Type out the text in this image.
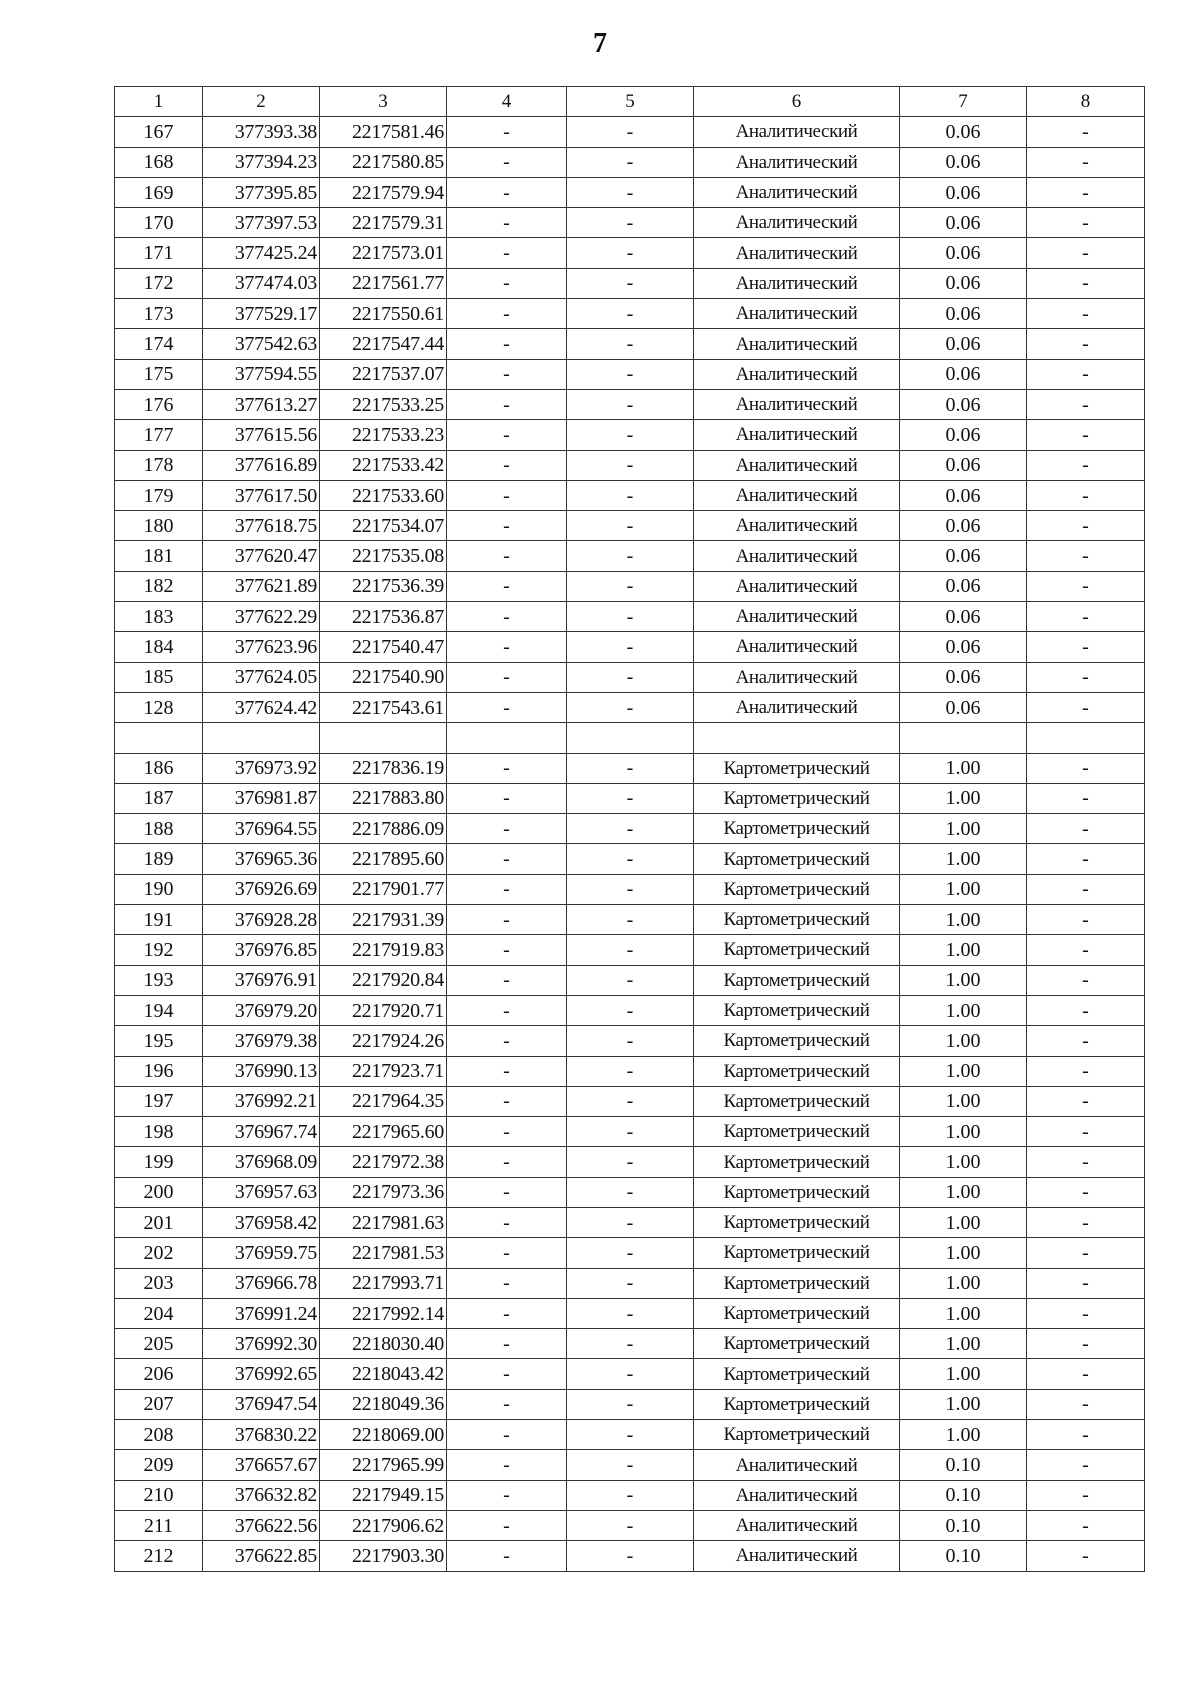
7
1	2	3	4	5	6	7	8
167	377393.38	2217581.46	-	-	Аналитический	0.06	-
168	377394.23	2217580.85	-	-	Аналитический	0.06	-
169	377395.85	2217579.94	-	-	Аналитический	0.06	-
170	377397.53	2217579.31	-	-	Аналитический	0.06	-
171	377425.24	2217573.01	-	-	Аналитический	0.06	-
172	377474.03	2217561.77	-	-	Аналитический	0.06	-
173	377529.17	2217550.61	-	-	Аналитический	0.06	-
174	377542.63	2217547.44	-	-	Аналитический	0.06	-
175	377594.55	2217537.07	-	-	Аналитический	0.06	-
176	377613.27	2217533.25	-	-	Аналитический	0.06	-
177	377615.56	2217533.23	-	-	Аналитический	0.06	-
178	377616.89	2217533.42	-	-	Аналитический	0.06	-
179	377617.50	2217533.60	-	-	Аналитический	0.06	-
180	377618.75	2217534.07	-	-	Аналитический	0.06	-
181	377620.47	2217535.08	-	-	Аналитический	0.06	-
182	377621.89	2217536.39	-	-	Аналитический	0.06	-
183	377622.29	2217536.87	-	-	Аналитический	0.06	-
184	377623.96	2217540.47	-	-	Аналитический	0.06	-
185	377624.05	2217540.90	-	-	Аналитический	0.06	-
128	377624.42	2217543.61	-	-	Аналитический	0.06	-

186	376973.92	2217836.19	-	-	Картометрический	1.00	-
187	376981.87	2217883.80	-	-	Картометрический	1.00	-
188	376964.55	2217886.09	-	-	Картометрический	1.00	-
189	376965.36	2217895.60	-	-	Картометрический	1.00	-
190	376926.69	2217901.77	-	-	Картометрический	1.00	-
191	376928.28	2217931.39	-	-	Картометрический	1.00	-
192	376976.85	2217919.83	-	-	Картометрический	1.00	-
193	376976.91	2217920.84	-	-	Картометрический	1.00	-
194	376979.20	2217920.71	-	-	Картометрический	1.00	-
195	376979.38	2217924.26	-	-	Картометрический	1.00	-
196	376990.13	2217923.71	-	-	Картометрический	1.00	-
197	376992.21	2217964.35	-	-	Картометрический	1.00	-
198	376967.74	2217965.60	-	-	Картометрический	1.00	-
199	376968.09	2217972.38	-	-	Картометрический	1.00	-
200	376957.63	2217973.36	-	-	Картометрический	1.00	-
201	376958.42	2217981.63	-	-	Картометрический	1.00	-
202	376959.75	2217981.53	-	-	Картометрический	1.00	-
203	376966.78	2217993.71	-	-	Картометрический	1.00	-
204	376991.24	2217992.14	-	-	Картометрический	1.00	-
205	376992.30	2218030.40	-	-	Картометрический	1.00	-
206	376992.65	2218043.42	-	-	Картометрический	1.00	-
207	376947.54	2218049.36	-	-	Картометрический	1.00	-
208	376830.22	2218069.00	-	-	Картометрический	1.00	-
209	376657.67	2217965.99	-	-	Аналитический	0.10	-
210	376632.82	2217949.15	-	-	Аналитический	0.10	-
211	376622.56	2217906.62	-	-	Аналитический	0.10	-
212	376622.85	2217903.30	-	-	Аналитический	0.10	-
